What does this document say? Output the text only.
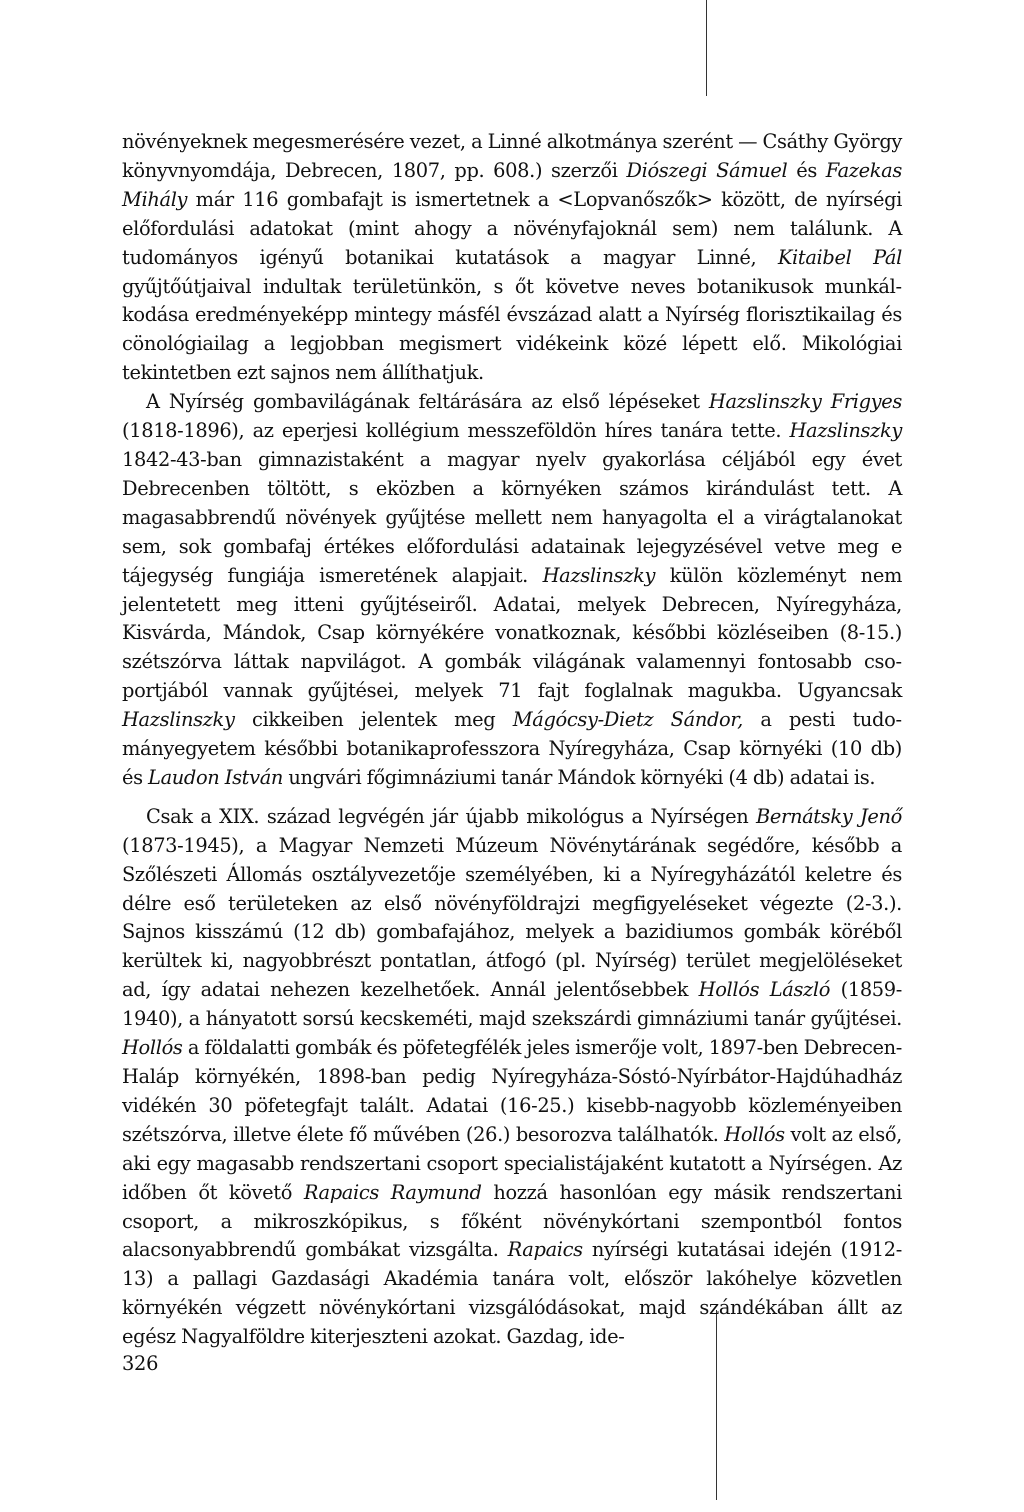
növényeknek megesmerésére vezet, a Linné alkotmánya szerént — Csáthy György könyvnyomdája, Debrecen, 1807, pp. 608.) szerzői Diószegi Sámuel és Fazekas Mihály már 116 gombafajt is ismertetnek a <Lopvanőszők> között, de nyírségi előfordulási adatokat (mint ahogy a növényfajoknál sem) nem találunk. A tudományos igényű botanikai kutatások a magyar Linné, Kitaibel Pál gyűjtőútjaival indultak területünkön, s őt követve neves botanikusok munkálkodása eredményeképp mintegy másfél évszázad alatt a Nyírség florisztikailag és cönológiailag a legjobban megismert vidékeink közé lépett elő. Mikológiai tekintetben ezt sajnos nem állíthatjuk.

A Nyírség gombavilágának feltárására az első lépéseket Hazslinszky Frigyes (1818-1896), az eperjesi kollégium messzeföldön híres tanára tette. Hazslinszky 1842-43-ban gimnazistaként a magyar nyelv gyakorlása céljából egy évet Debrecenben töltött, s eközben a környéken számos kirándulást tett. A magasabbrendű növények gyűjtése mellett nem hanyagolta el a virágtalanokat sem, sok gombafaj értékes előfordulási adatainak lejegyzésével vetve meg e tájegység fungiája ismeretének alapjait. Hazslinszky külön közleményt nem jelentetett meg itteni gyűjtéseiről. Adatai, melyek Debrecen, Nyíregyháza, Kisvárda, Mándok, Csap környékére vonatkoznak, későbbi közléseiben (8-15.) szétszórva láttak napvilágot. A gombák világának valamennyi fontosabb csoportjából vannak gyűjtései, melyek 71 fajt foglalnak magukba. Ugyancsak Hazslinszky cikkeiben jelentek meg Mágócsy-Dietz Sándor, a pesti tudományegyetem későbbi botanikaprofesszora Nyíregyháza, Csap környéki (10 db) és Laudon István ungvári főgimnáziumi tanár Mándok környéki (4 db) adatai is.

Csak a XIX. század legvégén jár újabb mikológus a Nyírségen Bernátsky Jenő (1873-1945), a Magyar Nemzeti Múzeum Növénytárának segédőre, később a Szőlészeti Állomás osztályvezetője személyében, ki a Nyíregyházától keletre és délre eső területeken az első növényföldrajzi megfigyeléseket végezte (2-3.). Sajnos kisszámú (12 db) gombafajához, melyek a bazidiumos gombák köréből kerültek ki, nagyobbrészt pontatlan, átfogó (pl. Nyírség) terület megjelöléseket ad, így adatai nehezen kezelhetőek. Annál jelentősebbek Hollós László (1859-1940), a hányatott sorsú kecskeméti, majd szekszárdi gimnáziumi tanár gyűjtései. Hollós a földalatti gombák és pöfetegfélék jeles ismerője volt, 1897-ben Debrecen-Haláp környékén, 1898-ban pedig Nyíregyháza-Sóstó-Nyírbátor-Hajdúhadház vidékén 30 pöfetegfajt talált. Adatai (16-25.) kisebb-nagyobb közleményeiben szétszórva, illetve élete fő művében (26.) besorozva találhatók. Hollós volt az első, aki egy magasabb rendszertani csoport specialistájaként kutatott a Nyírségen. Az időben őt követő Rapaics Raymund hozzá hasonlóan egy másik rendszertani csoport, a mikroszkópikus, s főként növénykórtani szempontból fontos alacsonyabbrendű gombákat vizsgálta. Rapaics nyírségi kutatásai idején (1912-13) a pallagi Gazdasági Akadémia tanára volt, először lakóhelye közvetlen környékén végzett növénykórtani vizsgálódásokat, majd szándékában állt az egész Nagyalföldre kiterjeszteni azokat. Gazdag, ide-

326
